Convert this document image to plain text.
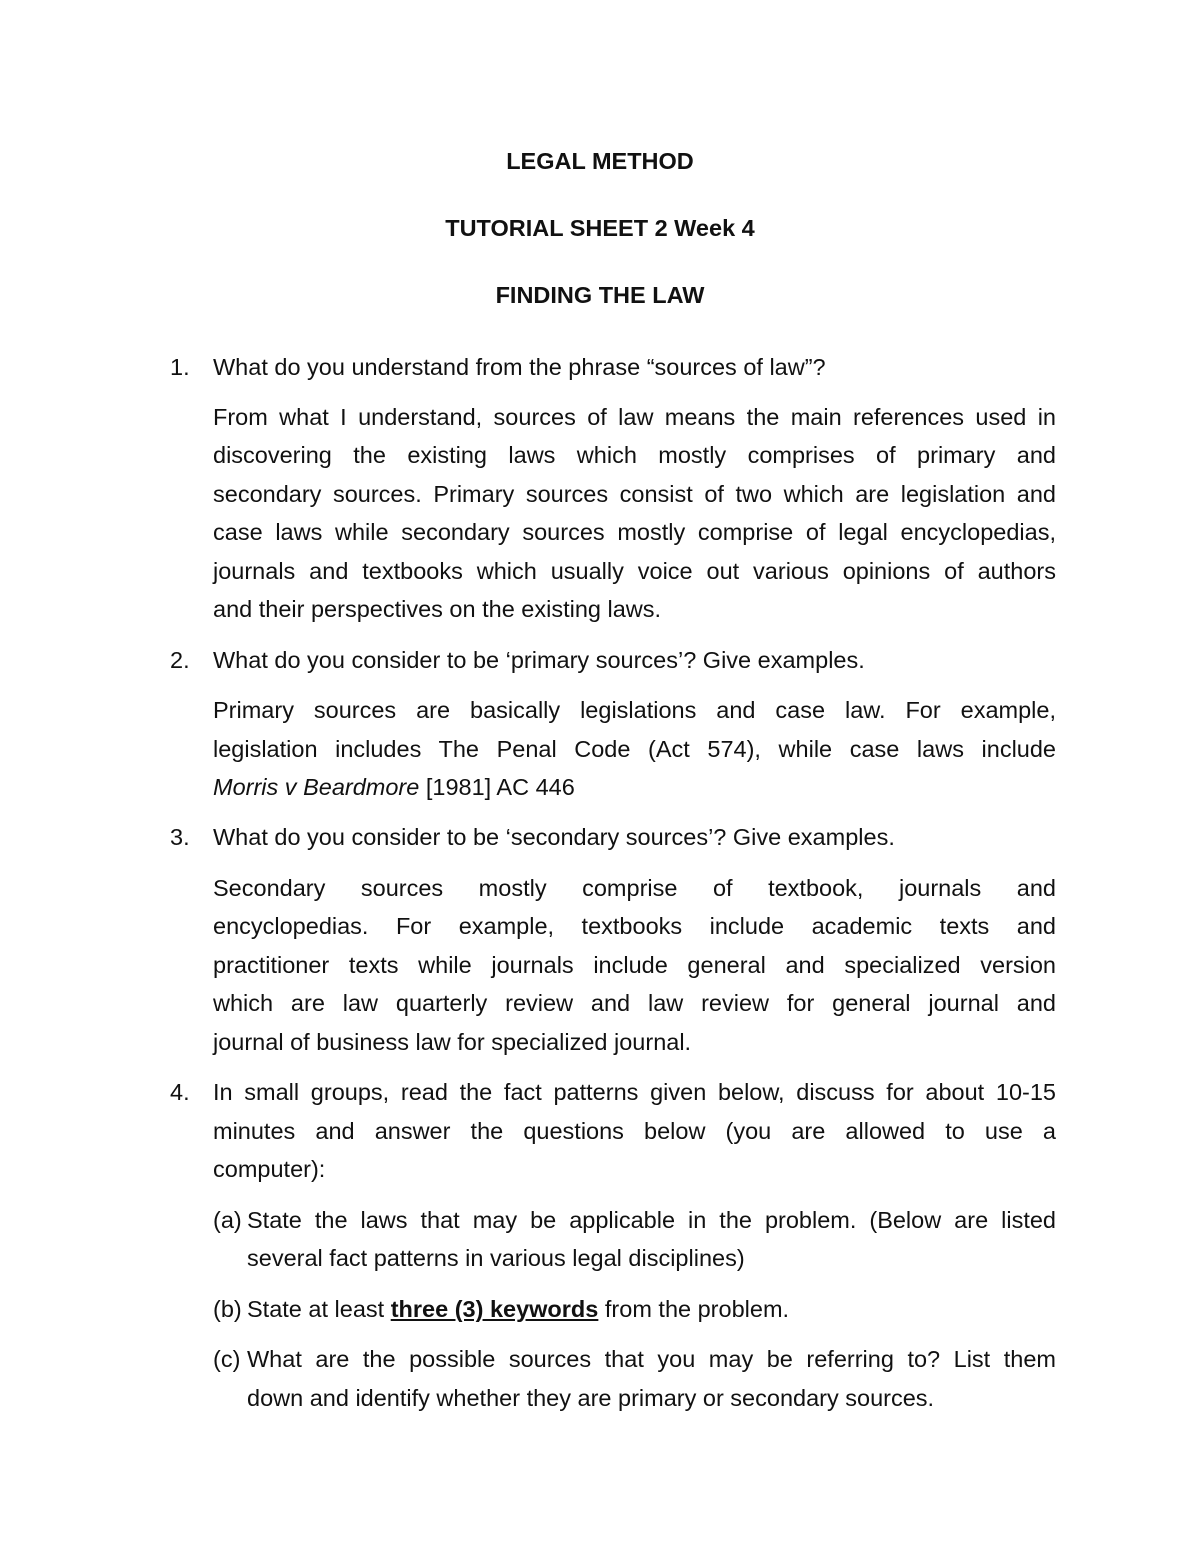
LEGAL METHOD
TUTORIAL SHEET 2 Week 4
FINDING THE LAW
1. What do you understand from the phrase “sources of law”?
From what I understand, sources of law means the main references used in
discovering the existing laws which mostly comprises of primary and
secondary sources. Primary sources consist of two which are legislation and
case laws while secondary sources mostly comprise of legal encyclopedias,
journals and textbooks which usually voice out various opinions of authors
and their perspectives on the existing laws.
2. What do you consider to be ‘primary sources’? Give examples.
Primary sources are basically legislations and case law. For example,
legislation includes The Penal Code (Act 574), while case laws include
Morris v Beardmore [1981] AC 446
3. What do you consider to be ‘secondary sources’? Give examples.
Secondary sources mostly comprise of textbook, journals and
encyclopedias. For example, textbooks include academic texts and
practitioner texts while journals include general and specialized version
which are law quarterly review and law review for general journal and
journal of business law for specialized journal.
4. In small groups, read the fact patterns given below, discuss for about 10-15
minutes and answer the questions below (you are allowed to use a
computer):
(a) State the laws that may be applicable in the problem. (Below are listed
several fact patterns in various legal disciplines)
(b) State at least three (3) keywords from the problem.
(c) What are the possible sources that you may be referring to? List them
down and identify whether they are primary or secondary sources.
